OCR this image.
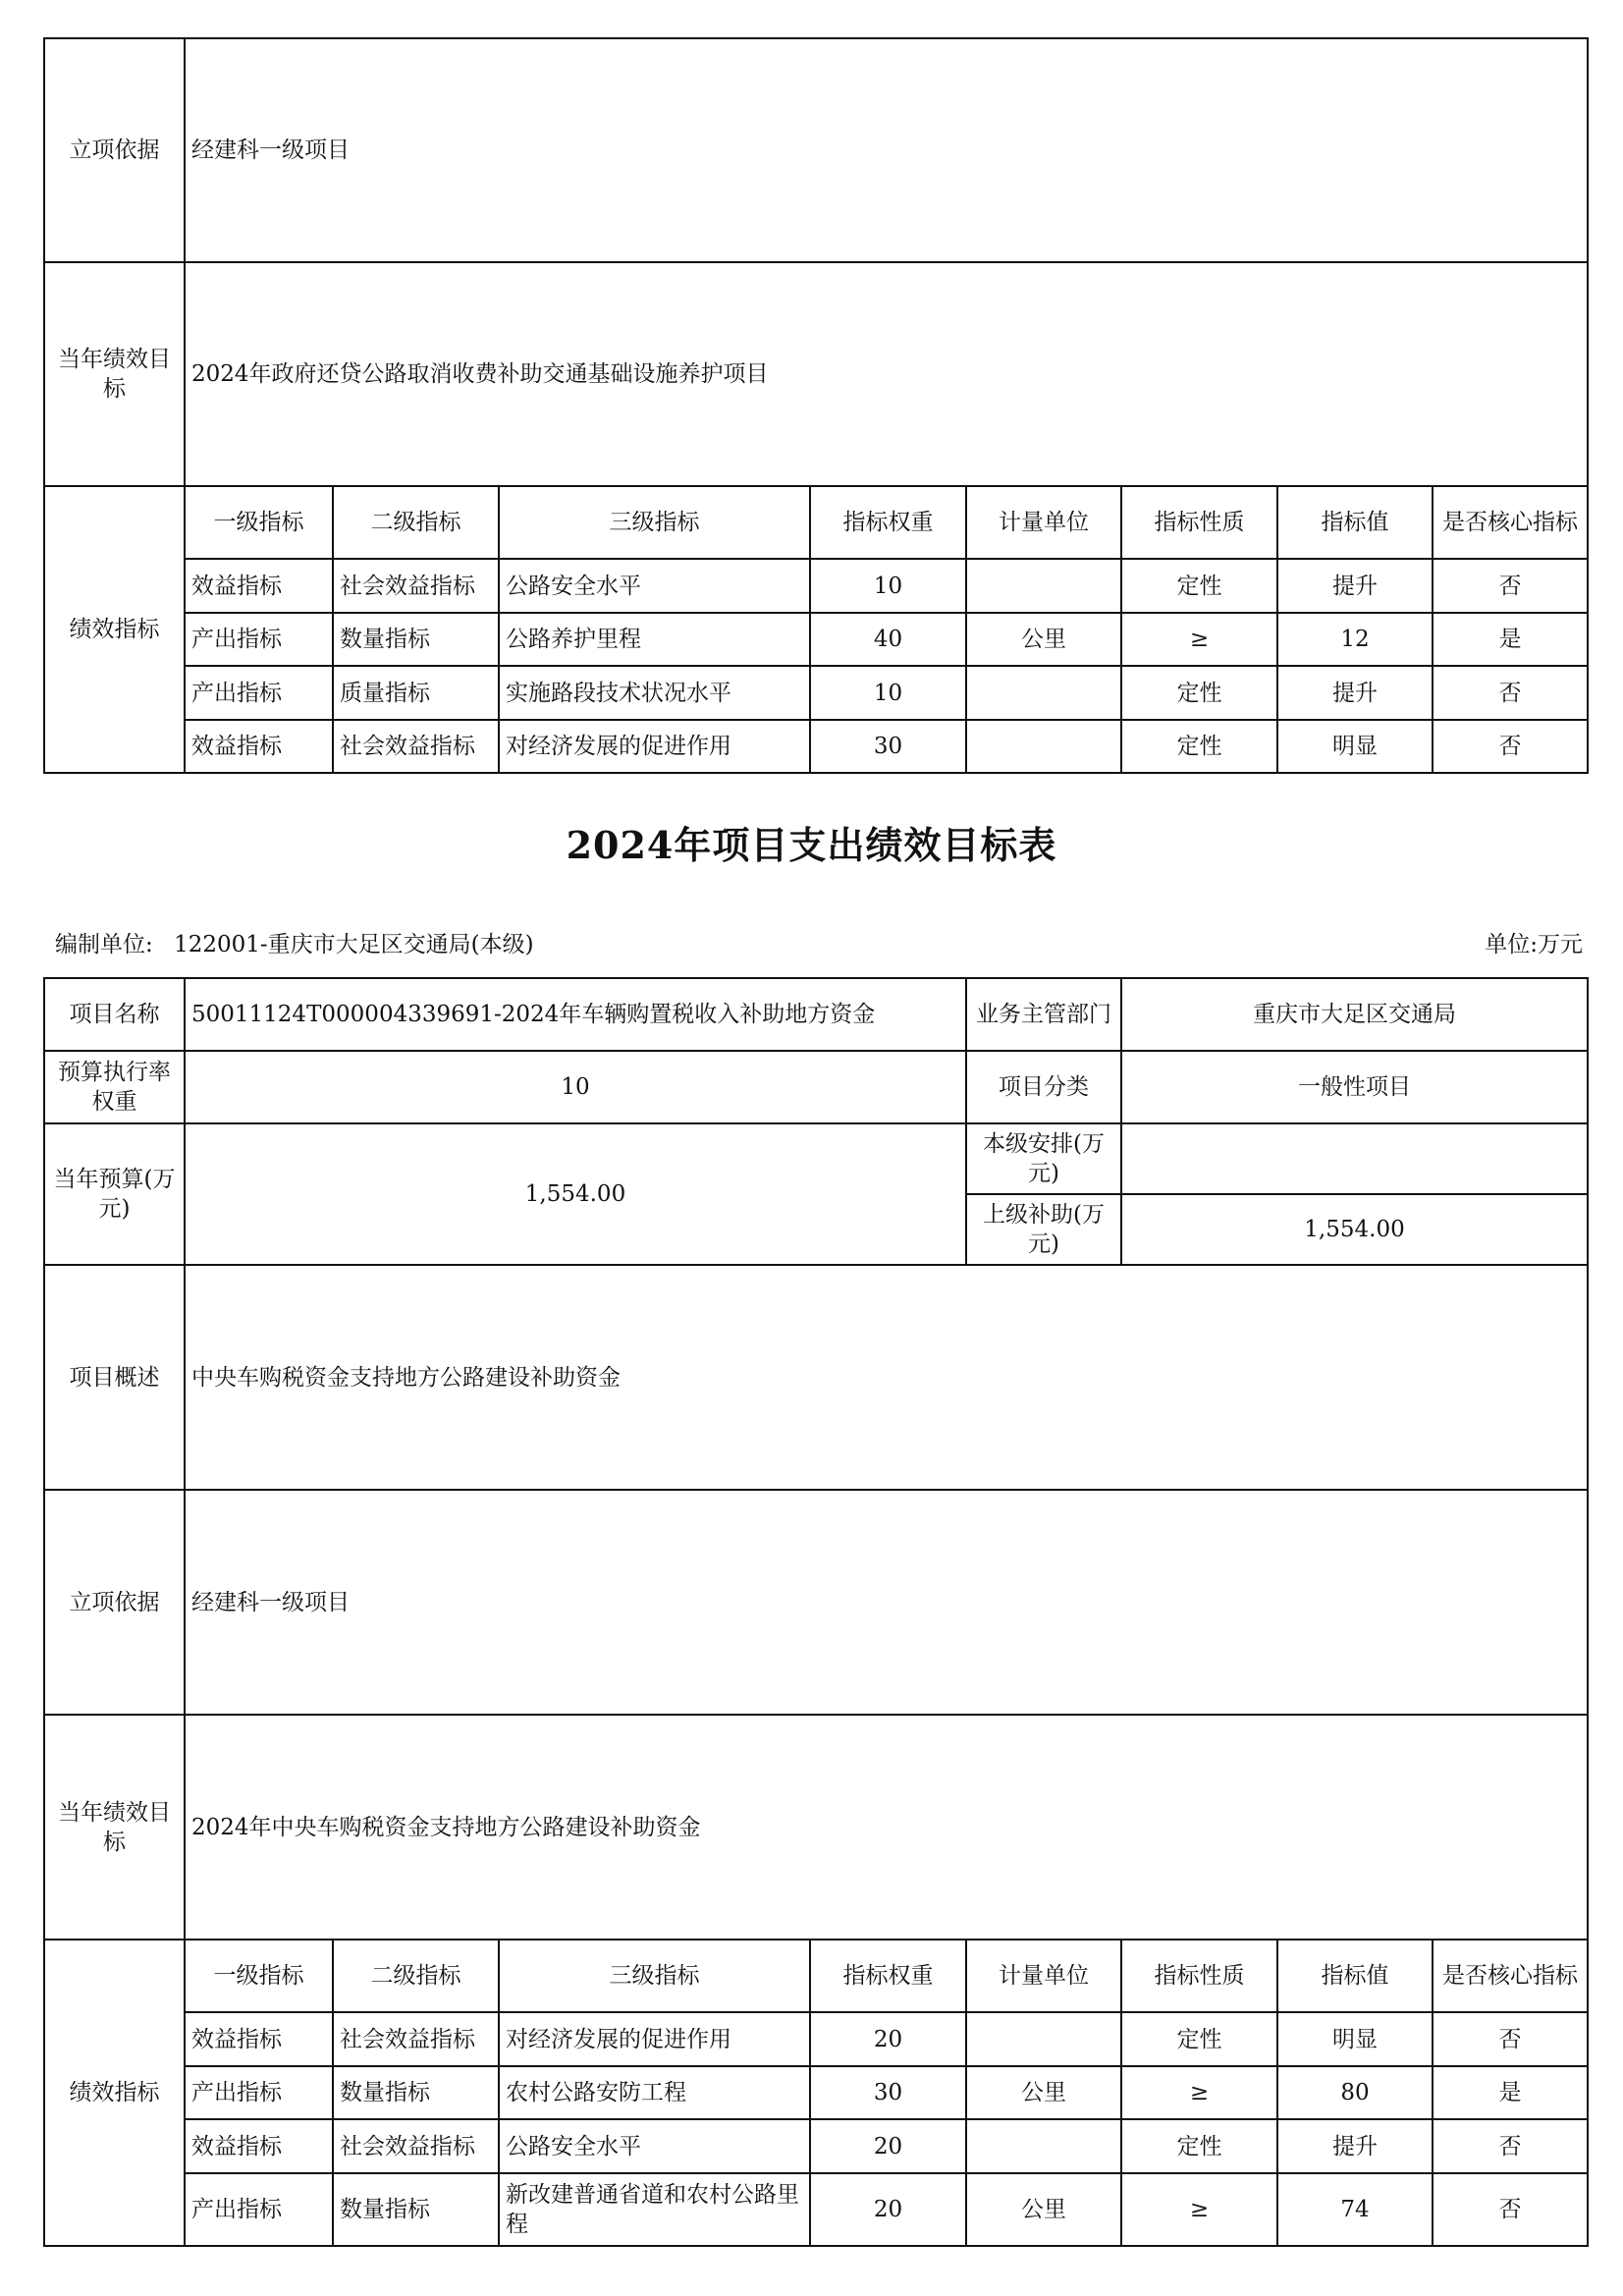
立项依据	经建科一级项目							
当年绩效目标	2024年政府还贷公路取消收费补助交通基础设施养护项目							
绩效指标	一级指标	二级指标	三级指标	指标权重	计量单位	指标性质	指标值	是否核心指标
	效益指标	社会效益指标	公路安全水平	10		定性	提升	否
	产出指标	数量指标	公路养护里程	40	公里	≥	12	是
	产出指标	质量指标	实施路段技术状况水平	10		定性	提升	否
	效益指标	社会效益指标	对经济发展的促进作用	30		定性	明显	否
2024年项目支出绩效目标表
编制单位: 122001-重庆市大足区交通局(本级)	单位:万元
项目名称	50011124T000004339691-2024年车辆购置税收入补助地方资金				业务主管部门	重庆市大足区交通局		
预算执行率权重	10				项目分类	一般性项目		
当年预算(万元)	1,554.00				本级安排(万元)			
					上级补助(万元)	1,554.00		
项目概述	中央车购税资金支持地方公路建设补助资金							
立项依据	经建科一级项目							
当年绩效目标	2024年中央车购税资金支持地方公路建设补助资金							
绩效指标	一级指标	二级指标	三级指标	指标权重	计量单位	指标性质	指标值	是否核心指标
	效益指标	社会效益指标	对经济发展的促进作用	20		定性	明显	否
	产出指标	数量指标	农村公路安防工程	30	公里	≥	80	是
	效益指标	社会效益指标	公路安全水平	20		定性	提升	否
	产出指标	数量指标	新改建普通省道和农村公路里程	20	公里	≥	74	否
